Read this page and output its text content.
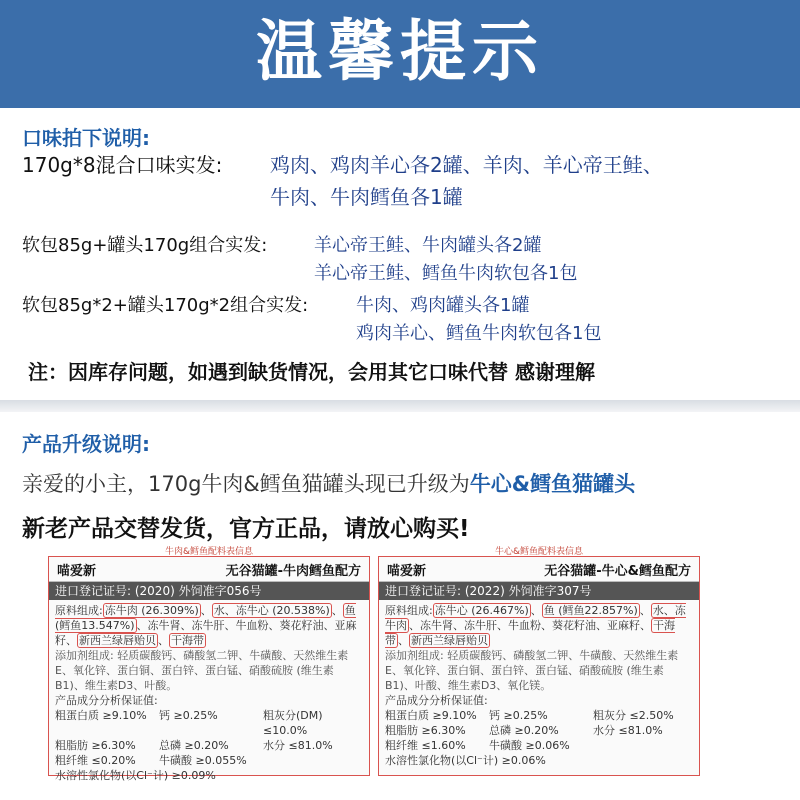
温馨提示
口味拍下说明:
170g*8混合口味实发: 鸡肉、鸡肉羊心各2罐、羊肉、羊心帝王鲑、
牛肉、牛肉鳕鱼各1罐
软包85g+罐头170g组合实发:	羊心帝王鲑、牛肉罐头各2罐
羊心帝王鲑、鳕鱼牛肉软包各1包
软包85g*2+罐头170g*2组合实发:	牛肉、鸡肉罐头各1罐
鸡肉羊心、鳕鱼牛肉软包各1包
注：因库存问题，如遇到缺货情况，会用其它口味代替 感谢理解
产品升级说明:
亲爱的小主，170g牛肉&鳕鱼猫罐头现已升级为牛心&鳕鱼猫罐头
新老产品交替发货，官方正品，请放心购买!
牛肉&鳕鱼配料表信息
喵爱新	无谷猫罐-牛肉鳕鱼配方
进口登记证号: (2020) 外饲准字056号
原料组成: 冻牛肉 (26.309%) 、 水、冻牛心 (20.538%) 、 鱼 (鳕鱼13.547%) 、冻牛肾、冻牛肝、牛血粉、葵花籽油、亚麻籽、 新西兰绿唇贻贝 、 干海带
添加剂组成: 轻质碳酸钙、磷酸氢二钾、牛磺酸、天然维生素E、氧化锌、蛋白铜、蛋白锌、蛋白锰、硝酸硫胺 (维生素B1)、维生素D3、叶酸。
产品成分分析保证值:
粗蛋白质 ≥9.10%	钙 ≥0.25%	粗灰分(DM) ≤10.0%
粗脂肪 ≥6.30%	总磷 ≥0.20%	水分 ≤81.0%
粗纤维 ≤0.20%	牛磺酸 ≥0.055%
水溶性氯化物(以Cl⁻计) ≥0.09%
牛心&鳕鱼配料表信息
喵爱新	无谷猫罐-牛心&鳕鱼配方
进口登记证号: (2022) 外饲准字307号
原料组成: 冻牛心 (26.467%) 、 鱼 (鳕鱼22.857%) 、 水、冻牛肉 、冻牛肾、冻牛肝、牛血粉、葵花籽油、亚麻籽、 干海带 、 新西兰绿唇贻贝
添加剂组成: 轻质碳酸钙、磷酸氢二钾、牛磺酸、天然维生素E、氧化锌、蛋白铜、蛋白锌、蛋白锰、硝酸硫胺 (维生素B1)、叶酸、维生素D3、氧化镁。
产品成分分析保证值:
粗蛋白质 ≥9.10%	钙 ≥0.25%	粗灰分 ≤2.50%
粗脂肪 ≥6.30%	总磷 ≥0.20%	水分 ≤81.0%
粗纤维 ≤1.60%	牛磺酸 ≥0.06%
水溶性氯化物(以Cl⁻计) ≥0.06%
